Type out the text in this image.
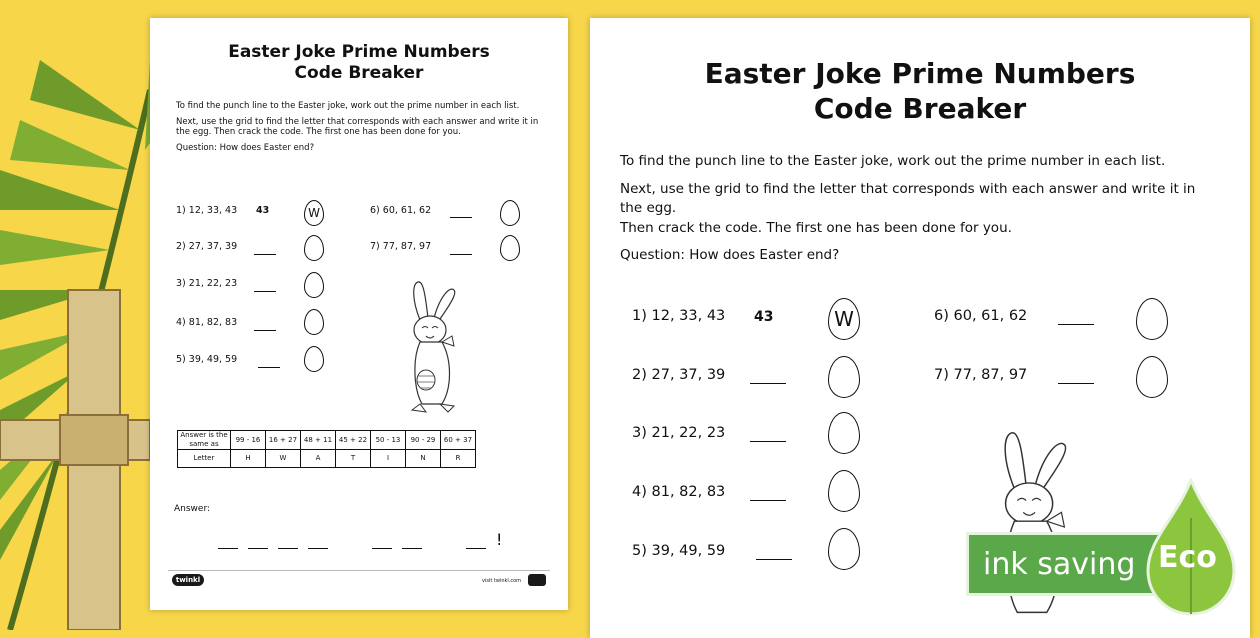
Easter Joke Prime Numbers
Code Breaker

To find the punch line to the Easter joke, work out the prime number in each list.

Next, use the grid to find the letter that corresponds with each answer and write it in the egg. Then crack the code. The first one has been done for you.

Question: How does Easter end?

1) 12, 33, 43 43	W
2) 27, 37, 39
3) 21, 22, 23
4) 81, 82, 83
5) 39, 49, 59
6) 60, 61, 62
7) 77, 87, 97
Answer is the same as	99 - 16	16 + 27	48 + 11	45 + 22	50 - 13	90 - 29	60 + 37
Letter	H	W	A	T	I	N	R
Answer:
!
twinkl	visit twinkl.com
Easter Joke Prime Numbers
Code Breaker

To find the punch line to the Easter joke, work out the prime number in each list.

Next, use the grid to find the letter that corresponds with each answer and write it in the egg.
Then crack the code. The first one has been done for you.

Question: How does Easter end?

1) 12, 33, 43 43	W
2) 27, 37, 39
3) 21, 22, 23
4) 81, 82, 83
5) 39, 49, 59
6) 60, 61, 62
7) 77, 87, 97
ink saving Eco
